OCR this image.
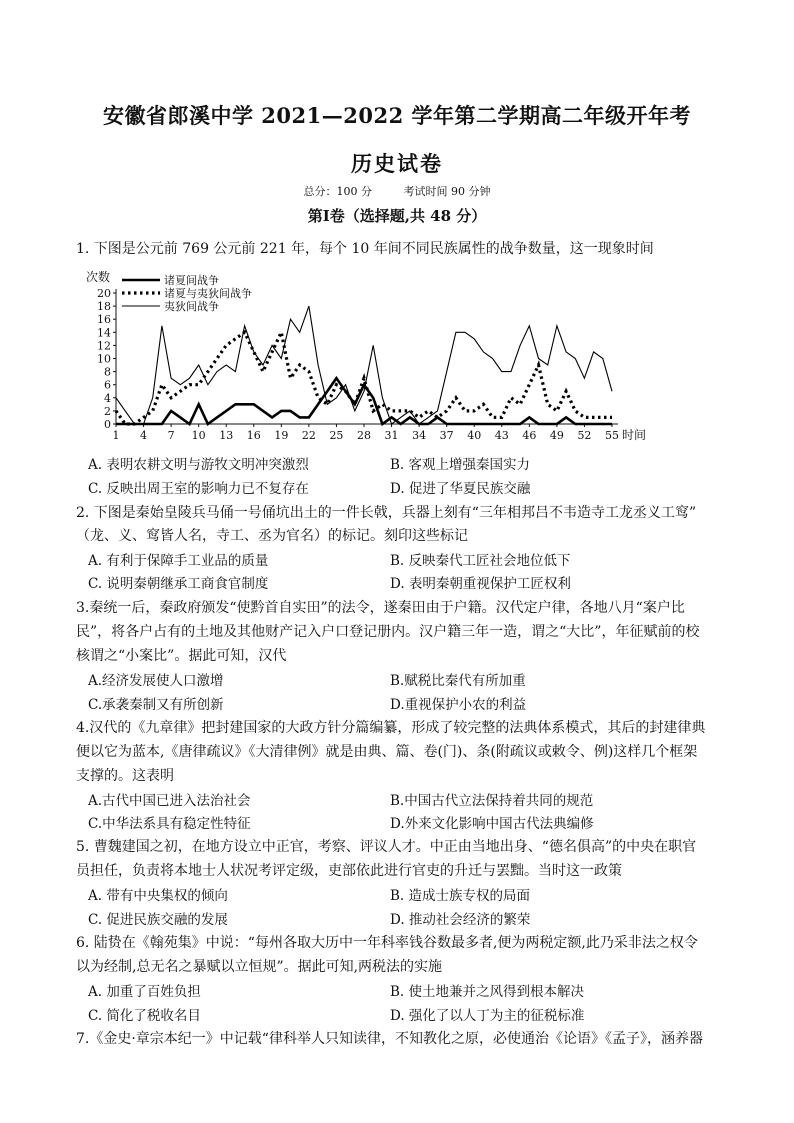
安徽省郎溪中学 2021—2022 学年第二学期高二年级开年考
历史试卷
总分：100 分	考试时间 90 分钟
第Ⅰ卷（选择题,共 48 分）
1. 下图是公元前 769 公元前 221 年，每个 10 年间不同民族属性的战争数量，这一现象时间
0
2
4
6
8
10
12
14
16
18
20
1 4 7 10 13 16 19 22 25 28 31 34 37 40 43 46 49 52 55
次数
时间
诸夏间战争
诸夏与夷狄间战争
夷狄间战争
A. 表明农耕文明与游牧文明冲突激烈	B. 客观上增强秦国实力
C. 反映出周王室的影响力已不复存在	D. 促进了华夏民族交融
2. 下图是秦始皇陵兵马俑一号俑坑出土的一件长戟，兵器上刻有“三年相邦吕不韦造寺工龙丞义工窎”
（龙、义、窎皆人名，寺工、丞为官名）的标记。刻印这些标记
A. 有利于保障手工业品的质量	B. 反映秦代工匠社会地位低下
C. 说明秦朝继承工商食官制度	D. 表明秦朝重视保护工匠权利
3.秦统一后，秦政府颁发“使黔首自实田”的法令，遂秦田由于户籍。汉代定户律，各地八月“案户比
民”，将各户占有的土地及其他财产记入户口登记册内。汉户籍三年一造，谓之“大比”，年征赋前的校
核谓之“小案比”。据此可知，汉代
A.经济发展使人口激增	B.赋税比秦代有所加重
C.承袭秦制又有所创新	D.重视保护小农的利益
4.汉代的《九章律》把封建国家的大政方针分篇编纂，形成了较完整的法典体系模式，其后的封建律典
便以它为蓝本,《唐律疏议》《大清律例》就是由典、篇、卷(门)、条(附疏议或敕令、例)这样几个框架
支撑的。这表明
A.古代中国已进入法治社会	B.中国古代立法保持着共同的规范
C.中华法系具有稳定性特征	D.外来文化影响中国古代法典编修
5. 曹魏建国之初，在地方设立中正官，考察、评议人才。中正由当地出身、“德名俱高”的中央在职官
员担任，负责将本地士人状况考评定级，吏部依此进行官吏的升迁与罢黜。当时这一政策
A. 带有中央集权的倾向	B. 造成士族专权的局面
C. 促进民族交融的发展	D. 推动社会经济的繁荣
6. 陆贽在《翰苑集》中说：“每州各取大历中一年科率钱谷数最多者,便为两税定额,此乃采非法之权令
以为经制,总无名之暴赋以立恒规”。据此可知,两税法的实施
A. 加重了百姓负担	B. 使土地兼并之风得到根本解决
C. 简化了税收名目	D. 强化了以人丁为主的征税标准
7.《金史·章宗本纪一》中记载“律科举人只知读律，不知教化之原，必使通治《论语》《孟子》，涵养器
